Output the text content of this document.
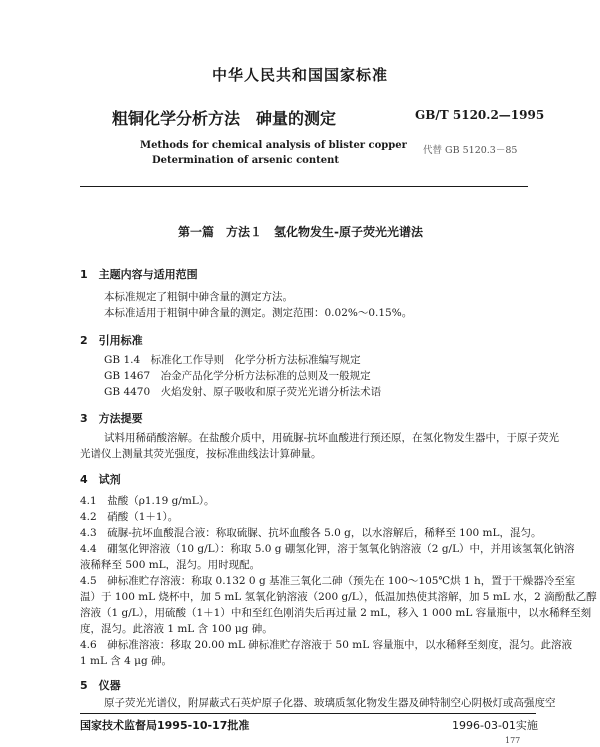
中华人民共和国国家标准
粗铜化学分析方法　砷量的测定	GB/T 5120.2—1995
代替 GB 5120.3－85
Methods for chemical analysis of blister copper
Determination of arsenic content
第一篇　方法１　氢化物发生-原子荧光光谱法
1　主题内容与适用范围
本标准规定了粗铜中砷含量的测定方法。
本标准适用于粗铜中砷含量的测定。测定范围：0.02%～0.15%。
2　引用标准
GB 1.4　标准化工作导则　化学分析方法标准编写规定
GB 1467　冶金产品化学分析方法标准的总则及一般规定
GB 4470　火焰发射、原子吸收和原子荧光光谱分析法术语
3　方法提要
试料用稀硝酸溶解。在盐酸介质中，用硫脲-抗坏血酸进行预还原，在氢化物发生器中，于原子荧光
光谱仪上测量其荧光强度，按标准曲线法计算砷量。
4　试剂
4.1　盐酸（ρ1.19 g/mL）。
4.2　硝酸（1＋1）。
4.3　硫脲-抗坏血酸混合液：称取硫脲、抗坏血酸各 5.0 g，以水溶解后，稀释至 100 mL，混匀。
4.4　硼氢化钾溶液（10 g/L）：称取 5.0 g 硼氢化钾，溶于氢氧化钠溶液（2 g/L）中，并用该氢氧化钠溶
液稀释至 500 mL，混匀。用时现配。
4.5　砷标准贮存溶液：称取 0.132 0 g 基准三氧化二砷（预先在 100～105℃烘 1 h，置于干燥器冷至室
温）于 100 mL 烧杯中，加 5 mL 氢氧化钠溶液（200 g/L），低温加热使其溶解，加 5 mL 水，2 滴酚酞乙醇
溶液（1 g/L），用硫酸（1＋1）中和至红色刚消失后再过量 2 mL，移入 1 000 mL 容量瓶中，以水稀释至刻
度，混匀。此溶液 1 mL 含 100 μg 砷。
4.6　砷标准溶液：移取 20.00 mL 砷标准贮存溶液于 50 mL 容量瓶中，以水稀释至刻度，混匀。此溶液
1 mL 含 4 μg 砷。
5　仪器
原子荧光光谱仪，附屏蔽式石英炉原子化器、玻璃质氢化物发生器及砷特制空心阴极灯或高强度空
国家技术监督局1995-10-17批准	1996-03-01实施
177
